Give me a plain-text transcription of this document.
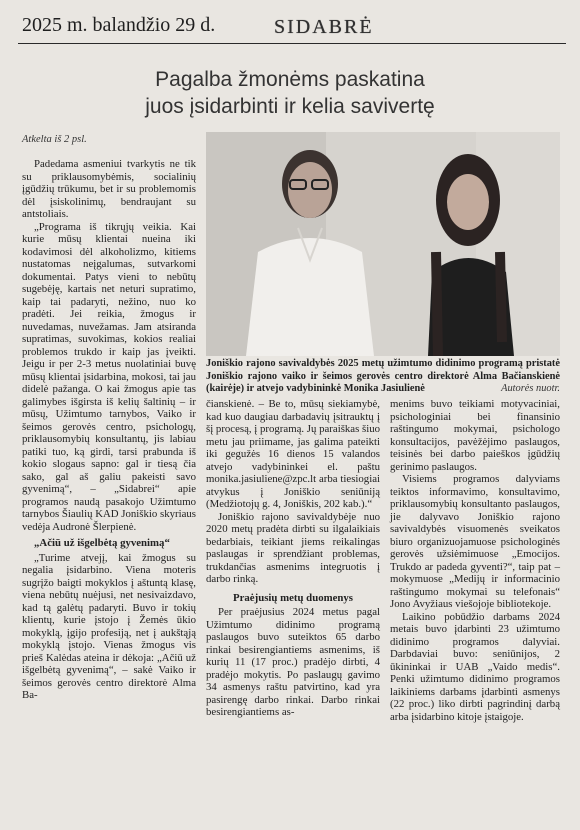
2025 m. balandžio 29 d.	SIDABRĖ
Pagalba žmonėms paskatina
juos įsidarbinti ir kelia savivertę
Atkelta iš 2 psl.

Padedama asmeniui tvarkytis ne tik su priklausomybėmis, socialinių įgūdžių trūkumu, bet ir su problemomis dėl įsiskolinimų, bendraujant su antstoliais.

„Programa iš tikrųjų veikia. Kai kurie mūsų klientai nueina iki kodavimosi dėl alkoholizmo, kitiems nustatomas neįgalumas, sutvarkomi dokumentai. Patys vieni to nebūtų sugebėję, kartais net neturi supratimo, kaip tai padaryti, nežino, nuo ko pradėti. Jei reikia, žmogus ir nuvedamas, nuvežamas. Jam atsiranda supratimas, suvokimas, kokios realiai problemos trukdo ir kaip jas įveikti. Jeigu ir per 2-3 metus nuolatiniai buvę mūsų klientai įsidarbina, mokosi, tai jau didelė pažanga. O kai žmogus apie tas galimybes išgirsta iš kelių šaltinių – ir mūsų, Užimtumo tarnybos, Vaiko ir šeimos gerovės centro, psichologų, priklausomybių konsultantų, jis labiau patiki tuo, ką girdi, tarsi prabunda iš kokio slogaus sapno: gal ir tiesą čia sako, gal aš galiu pakeisti savo gyvenimą“, – „Sidabrei“ apie programos naudą pasakojo Užimtumo tarnybos Šiaulių KAD Joniškio skyriaus vedėja Audronė Šlerpienė.

„Ačiū už išgelbėtą gyvenimą“

„Turime atvejį, kai žmogus su negalia įsidarbino. Viena moteris sugrįžo baigti mokyklos į aštuntą klasę, viena nebūtų nuėjusi, net nesivaizdavo, kad tą galėtų padaryti. Buvo ir tokių klientų, kurie įstojo į Žemės ūkio mokyklą, įgijo profesiją, net į aukštąją mokyklą įstojo. Vienas žmogus vis prieš Kalėdas ateina ir dėkoja: „Ačiū už išgelbėtą gyvenimą“, – sakė Vaiko ir šeimos gerovės centro direktorė Alma Ba-

Joniškio rajono savivaldybės 2025 metų užimtumo didinimo programą pristatė Joniškio rajono vaiko ir šeimos gerovės centro direktorė Alma Bačianskienė (kairėje) ir atvejo vadybininkė Monika Jasiulienė	Autorės nuotr.

čianskienė. – Be to, mūsų siekiamybė, kad kuo daugiau darbadavių įsitrauktų į šį procesą, į programą. Jų paraiškas šiuo metu jau priimame, jas galima pateikti iki gegužės 16 dienos 15 valandos atvejo vadybininkei el. paštu monika.jasiuliene@zpc.lt arba tiesiogiai atvykus į Joniškio seniūniją (Medžiotojų g. 4, Joniškis, 202 kab.).“

Joniškio rajono savivaldybėje nuo 2020 metų pradėta dirbti su ilgalaikiais bedarbiais, teikiant jiems reikalingas paslaugas ir sprendžiant problemas, trukdančias asmenims integruotis į darbo rinką.

Praėjusių metų duomenys

Per praėjusius 2024 metus pagal Užimtumo didinimo programą paslaugos buvo suteiktos 65 darbo rinkai besirengiantiems asmenims, iš kurių 11 (17 proc.) pradėjo dirbti, 4 pradėjo mokytis. Po paslaugų gavimo 34 asmenys raštu patvirtino, kad yra pasirengę darbo rinkai. Darbo rinkai besirengiantiems as-

menims buvo teikiami motyvaciniai, psichologiniai bei finansinio raštingumo mokymai, psichologo konsultacijos, pavėžėjimo paslaugos, teisinės bei darbo paieškos įgūdžių gerinimo paslaugos.

Visiems programos dalyviams teiktos informavimo, konsultavimo, priklausomybių konsultanto paslaugos, jie dalyvavo Joniškio rajono savivaldybės visuomenės sveikatos biuro organizuojamuose psichologinės gerovės užsiėmimuose „Emocijos. Trukdo ar padeda gyventi?“, taip pat – mokymuose „Medijų ir informacinio raštingumo mokymai su telefonais“ Jono Avyžiaus viešojoje bibliotekoje.

Laikino pobūdžio darbams 2024 metais buvo įdarbinti 23 užimtumo didinimo programos dalyviai. Darbdaviai buvo: seniūnijos, 2 ūkininkai ir UAB „Vaido medis“. Penki užimtumo didinimo programos laikiniems darbams įdarbinti asmenys (22 proc.) liko dirbti pagrindinį darbą arba įsidarbino kitoje įstaigoje.
